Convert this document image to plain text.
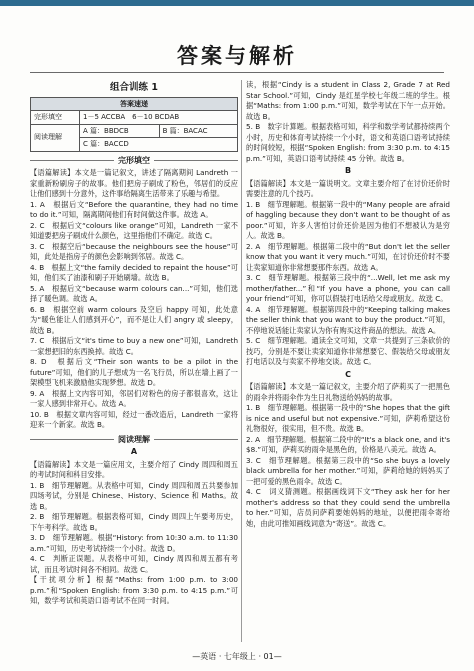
答案与解析
组合训练 1
答案速递		
完形填空	1－5 ACCBA　6－10 BCDAB	
阅读理解	A 篇：BBDCB	B 篇：BACAC
	C 篇：BACCD	
完形填空

【语篇解读】本文是一篇记叙文，讲述了隔离期间 Landreth 一家重新粉刷房子的故事。他们把房子刷成了粉色，邻居们的反应让他们感到十分意外，这件事给隔离生活带来了乐趣与希望。

1. A　根据后文“Before the quarantine, they had no time to do it.”可知，隔离期间他们有时间做这件事。故选 A。

2. C　根据后文“colours like orange”可知，Landreth 一家不知道要把房子刷成什么颜色，这里指他们不确定。故选 C。

3. C　根据空后“because the neighbours see the house”可知，此处是指房子的颜色会影响到邻居。故选 C。

4. B　根据上文“the family decided to repaint the house”可知，他们买了油漆和刷子开始刷墙。故选 B。

5. A　根据后文“because warm colours can...”可知，他们选择了暖色调。故选 A。

6. B　根据空前 warm colours 及空后 happy 可知，此处意为“暖色能让人们感到开心”，而不是让人们 angry 或 sleepy，故选 B。

7. C　根据后文“it's time to buy a new one”可知，Landreth 一家想把旧的东西换掉。故选 C。

8. D　根据后文“Their son wants to be a pilot in the future”可知，他们的儿子想成为一名飞行员，所以在墙上画了一架模型飞机来激励他实现梦想。故选 D。

9. A　根据上文内容可知，邻居们对粉色的房子都很喜欢，这让一家人感到非常开心。故选 A。

10. B　根据文章内容可知，经过一番改造后，Landreth 一家将迎来一个新家。故选 B。

阅读理解
A

【语篇解读】本文是一篇应用文，主要介绍了 Cindy 周四和周五的考试时间和科目安排。

1. B　细节理解题。从表格中可知，Cindy 周四和周五共要参加四场考试，分别是 Chinese、History、Science 和 Maths。故选 B。

2. B　细节理解题。根据表格可知，Cindy 周四上午要考历史，下午考科学。故选 B。

3. D　细节理解题。根据“History: from 10:30 a.m. to 11:30 a.m.”可知，历史考试持续一个小时。故选 D。

4. C　判断正误题。从表格中可知，Cindy 周四和周五都有考试，而且考试时间各不相同。故选 C。

【干扰项分析】根据“Maths: from 1:00 p.m. to 3:00 p.m.”和“Spoken English: from 3:30 p.m. to 4:15 p.m.”可知，数学考试和英语口语考试不在同一时间。

读，根据“Cindy is a student in Class 2, Grade 7 at Red Star School.”可知，Cindy 是红星学校七年级二班的学生。根据“Maths: from 1:00 p.m.”可知，数学考试在下午一点开始。故选 B。

5. B　数字计算题。根据表格可知，科学和数学考试都持续两个小时，历史和体育考试持续一个小时，语文和英语口语考试持续的时间较短，根据“Spoken English: from 3:30 p.m. to 4:15 p.m.”可知，英语口语考试持续 45 分钟。故选 B。

B

【语篇解读】本文是一篇说明文。文章主要介绍了在讨价还价时需要注意的几个技巧。

1. B　细节理解题。根据第一段中的“Many people are afraid of haggling because they don't want to be thought of as poor.”可知，许多人害怕讨价还价是因为他们不想被认为是穷人。故选 B。

2. A　细节理解题。根据第二段中的“But don't let the seller know that you want it very much.”可知，在讨价还价时不要让卖家知道你非常想要那件东西。故选 A。

3. C　细节理解题。根据第三段中的“...Well, let me ask my mother/father...”和“If you have a phone, you can call your friend”可知，你可以假装打电话给父母或朋友。故选 C。

4. A　细节理解题。根据第四段中的“Keeping talking makes the seller think that you want to buy the product.”可知，不停地说话能让卖家认为你有购买这件商品的想法。故选 A。

5. C　细节理解题。通读全文可知，文章一共提到了三条砍价的技巧，分别是不要让卖家知道你非常想要它、假装给父母或朋友打电话以及与卖家不停地交谈。故选 C。

C

【语篇解读】本文是一篇记叙文，主要介绍了萨莉买了一把黑色的雨伞并将雨伞作为生日礼物送给妈妈的故事。

1. B　细节理解题。根据第一段中的“She hopes that the gift is nice and useful but not expensive.”可知，萨莉希望这份礼物很好，很实用，但不贵。故选 B。

2. A　细节理解题。根据第二段中的“It's a black one, and it's $8.”可知，萨莉买的雨伞是黑色的，价格是八美元。故选 A。

3. C　细节理解题。根据第三段中的“So she buys a lovely black umbrella for her mother.”可知，萨莉给她的妈妈买了一把可爱的黑色雨伞。故选 C。

4. C　词义猜测题。根据画线词下文“They ask her for her mother's address so that they could send the umbrella to her.”可知，店员问萨莉要她妈妈的地址，以便把雨伞寄给她，由此可推知画线词意为“寄送”。故选 C。

—英语 · 七年级上 · 01—
